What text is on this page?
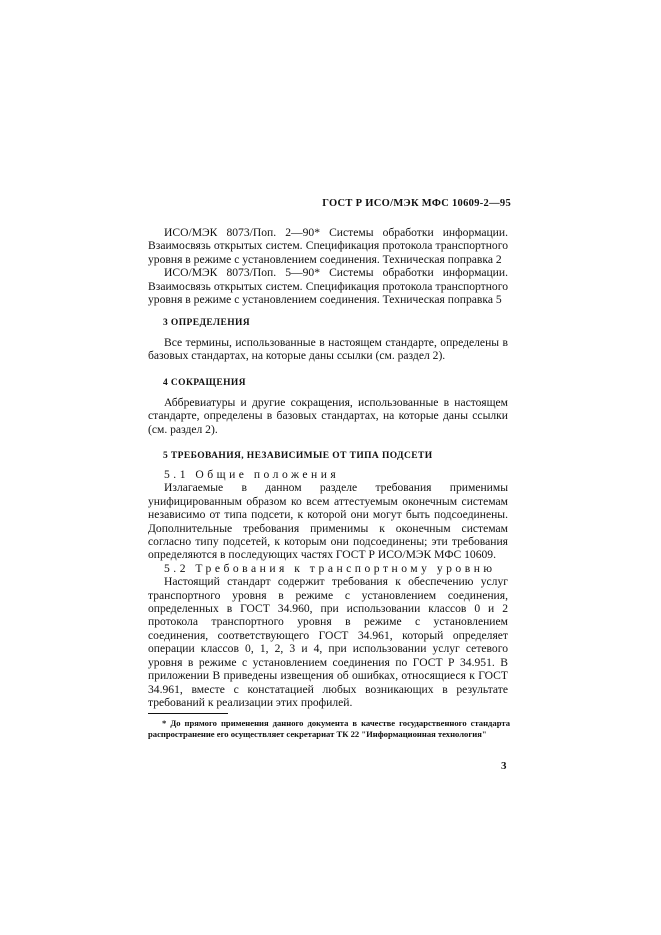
ГОСТ Р ИСО/МЭК МФС 10609-2—95

ИСО/МЭК 8073/Поп. 2—90* Системы обработки информации. Взаимосвязь открытых систем. Спецификация протокола транспортного уровня в режиме с установлением соединения. Техническая поправка 2

ИСО/МЭК 8073/Поп. 5—90* Системы обработки информации. Взаимосвязь открытых систем. Спецификация протокола транспортного уровня в режиме с установлением соединения. Техническая поправка 5

3 ОПРЕДЕЛЕНИЯ

Все термины, использованные в настоящем стандарте, определены в базовых стандартах, на которые даны ссылки (см. раздел 2).

4 СОКРАЩЕНИЯ

Аббревиатуры и другие сокращения, использованные в настоящем стандарте, определены в базовых стандартах, на которые даны ссылки (см. раздел 2).

5 ТРЕБОВАНИЯ, НЕЗАВИСИМЫЕ ОТ ТИПА ПОДСЕТИ

5.1 Общие положения

Излагаемые в данном разделе требования применимы унифицированным образом ко всем аттестуемым оконечным системам независимо от типа подсети, к которой они могут быть подсоединены. Дополнительные требования применимы к оконечным системам согласно типу подсетей, к которым они подсоединены; эти требования определяются в последующих частях ГОСТ Р ИСО/МЭК МФС 10609.

5.2 Требования к транспортному уровню

Настоящий стандарт содержит требования к обеспечению услуг транспортного уровня в режиме с установлением соединения, определенных в ГОСТ 34.960, при использовании классов 0 и 2 протокола транспортного уровня в режиме с установлением соединения, соответствующего ГОСТ 34.961, который определяет операции классов 0, 1, 2, 3 и 4, при использовании услуг сетевого уровня в режиме с установлением соединения по ГОСТ Р 34.951. В приложении В приведены извещения об ошибках, относящиеся к ГОСТ 34.961, вместе с констатацией любых возникающих в результате требований к реализации этих профилей.

* До прямого применения данного документа в качестве государственного стандарта распространение его осуществляет секретариат ТК 22 "Информационная технология"

3
